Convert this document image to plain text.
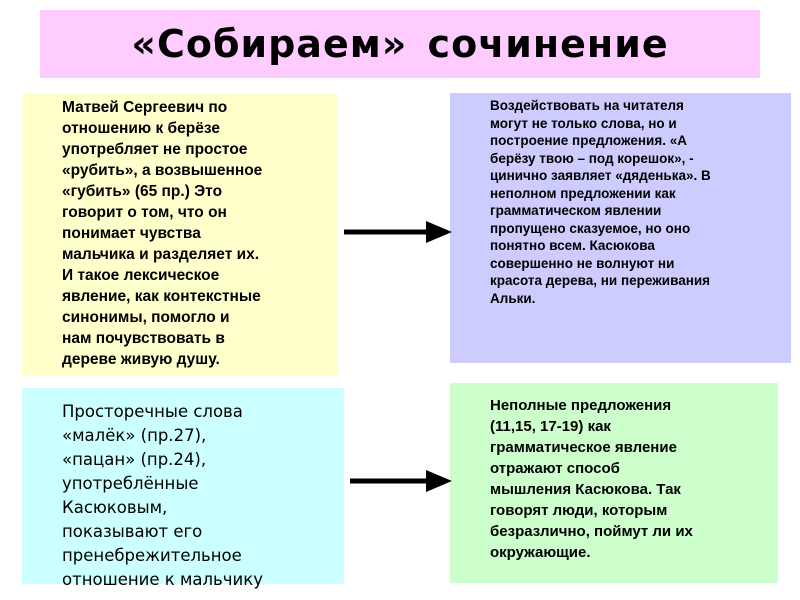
«Собираем» сочинение

Матвей Сергеевич по
отношению к берёзе
употребляет не простое
«рубить», а возвышенное
«губить» (65 пр.) Это
говорит о том, что он
понимает чувства
мальчика и разделяет их.
И такое лексическое
явление, как контекстные
синонимы, помогло и
нам почувствовать в
дереве живую душу.

Воздействовать на читателя
могут не только слова, но и
построение предложения. «А
берёзу твою – под корешок», -
цинично заявляет «дяденька». В
неполном предложении как
грамматическом явлении
пропущено сказуемое, но оно
понятно всем. Касюкова
совершенно не волнуют ни
красота дерева, ни переживания
Альки.

Просторечные слова
«малёк» (пр.27),
«пацан» (пр.24),
употреблённые
Касюковым,
показывают его
пренебрежительное
отношение к мальчику

Неполные предложения
(11,15, 17-19) как
грамматическое явление
отражают способ
мышления Касюкова. Так
говорят люди, которым
безразлично, поймут ли их
окружающие.
